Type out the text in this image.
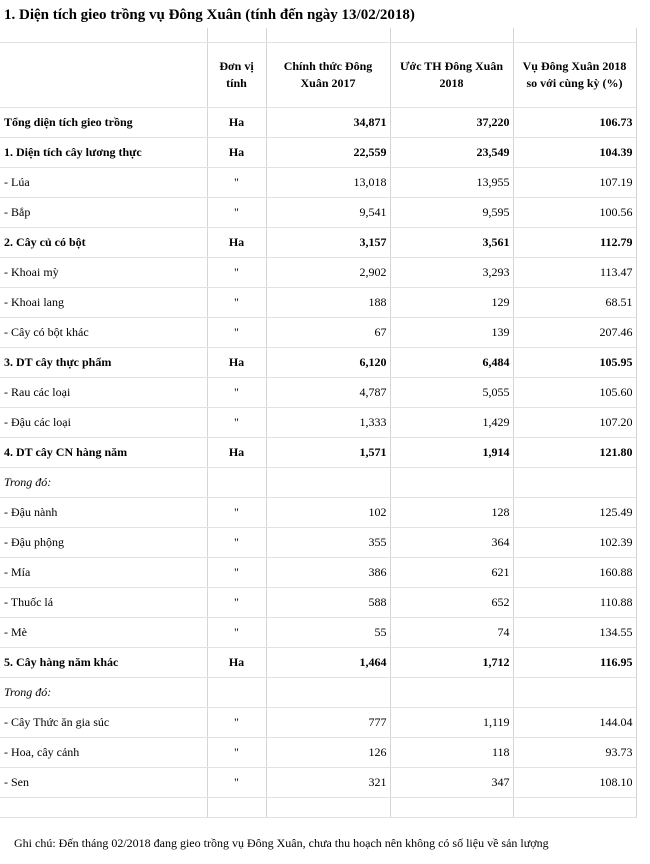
1. Diện tích gieo trồng vụ Đông Xuân (tính đến ngày 13/02/2018)

	Đơn vị tính	Chính thức Đông Xuân 2017	Ước TH Đông Xuân 2018	Vụ Đông Xuân 2018 so với cùng kỳ (%)
Tổng diện tích gieo trồng	Ha	34,871	37,220	106.73
1. Diện tích cây lương thực	Ha	22,559	23,549	104.39
- Lúa	"	13,018	13,955	107.19
- Bắp	"	9,541	9,595	100.56
2. Cây củ có bột	Ha	3,157	3,561	112.79
- Khoai mỳ	"	2,902	3,293	113.47
- Khoai lang	"	188	129	68.51
- Cây có bột khác	"	67	139	207.46
3. DT cây thực phẩm	Ha	6,120	6,484	105.95
- Rau các loại	"	4,787	5,055	105.60
- Đậu các loại	"	1,333	1,429	107.20
4. DT cây CN hàng năm	Ha	1,571	1,914	121.80
Trong đó:				
- Đậu nành	"	102	128	125.49
- Đậu phộng	"	355	364	102.39
- Mía	"	386	621	160.88
- Thuốc lá	"	588	652	110.88
- Mè	"	55	74	134.55
5. Cây hàng năm khác	Ha	1,464	1,712	116.95
Trong đó:				
- Cây Thức ăn gia súc	"	777	1,119	144.04
- Hoa, cây cảnh	"	126	118	93.73
- Sen	"	321	347	108.10

Ghi chú: Đến tháng 02/2018 đang gieo trồng vụ Đông Xuân, chưa thu hoạch nên không có số liệu về sản lượng
